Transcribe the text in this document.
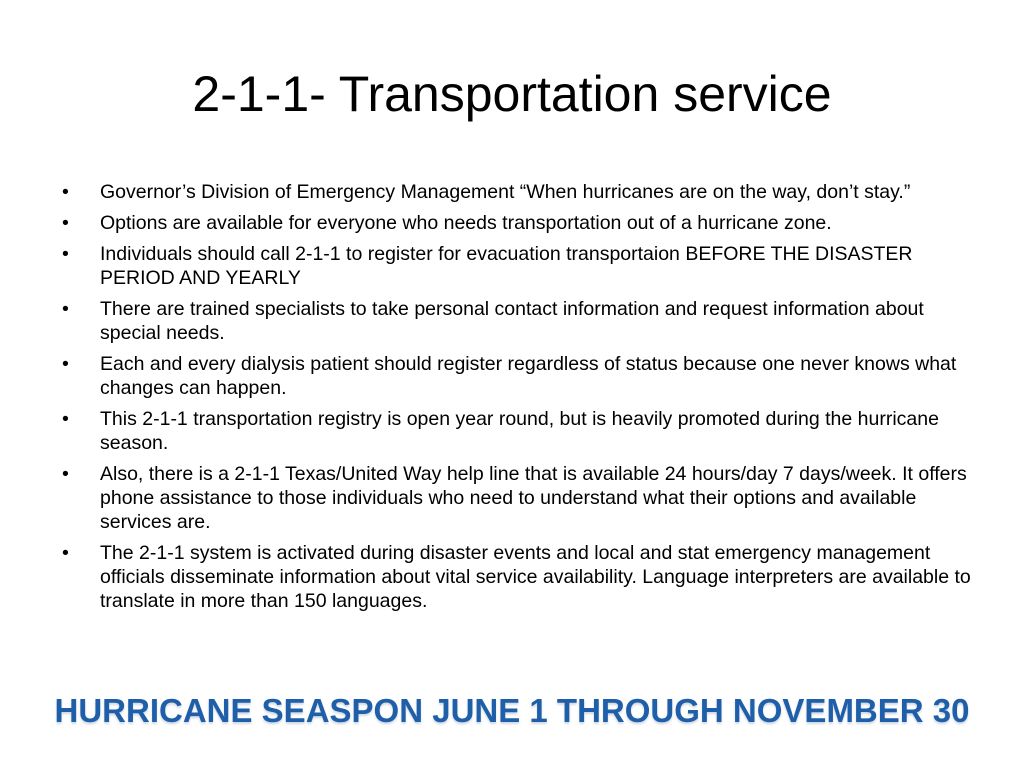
2-1-1- Transportation service
•	Governor’s Division of Emergency Management “When hurricanes are on the way, don’t stay.”
•	Options are available for everyone who needs transportation out of a hurricane zone.
•	Individuals should call 2-1-1 to register for evacuation transportaion BEFORE THE DISASTER PERIOD AND YEARLY
•	There are trained specialists to take personal contact information and request information about special needs.
•	Each and every dialysis patient should register regardless of status because one never knows what changes can happen.
•	This 2-1-1 transportation registry is open year round, but is heavily promoted during the hurricane season.
•	Also, there is a 2-1-1 Texas/United Way help line that is available 24 hours/day 7 days/week. It offers phone assistance to those individuals who need to understand what their options and available services are.
•	The 2-1-1 system is activated during disaster events and local and stat emergency management officials disseminate information about vital service availability. Language interpreters are available to translate in more than 150 languages.
HURRICANE SEASPON JUNE 1 THROUGH NOVEMBER 30
